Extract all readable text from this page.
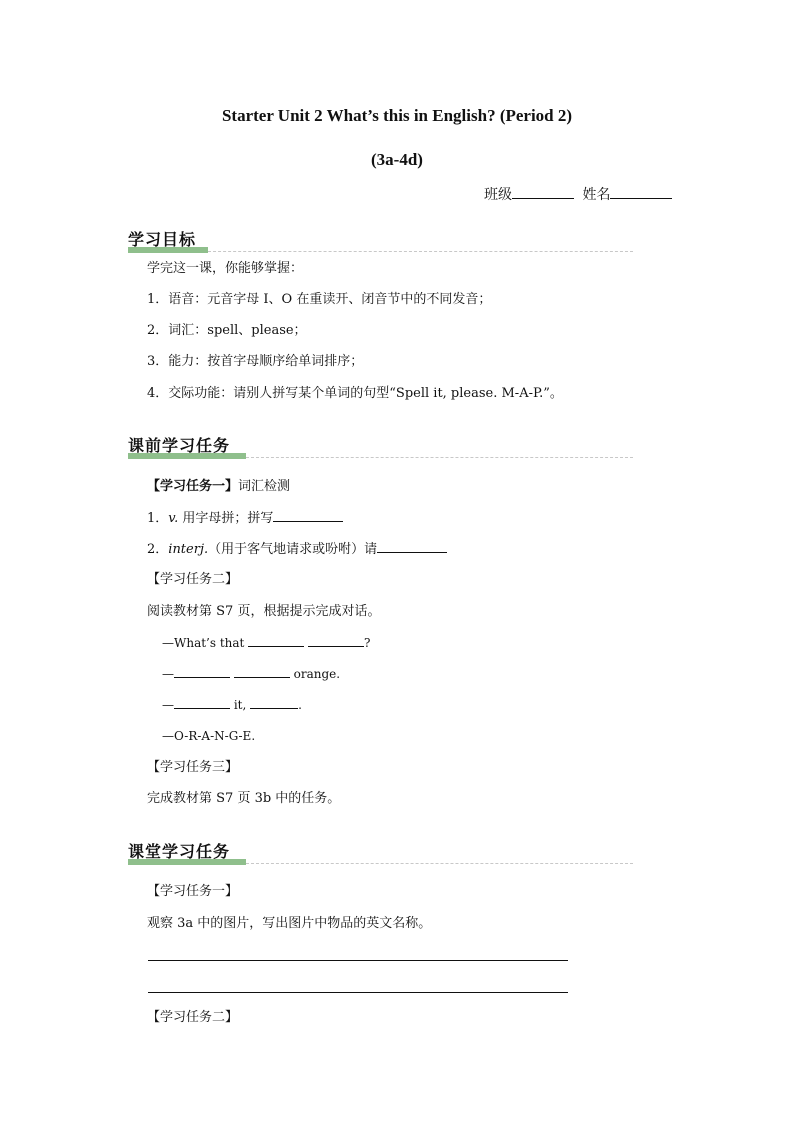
Starter Unit 2 What’s this in English? (Period 2)
(3a-4d)
班级	姓名
学习目标
学完这一课，你能够掌握：
1．语音：元音字母 I、O 在重读开、闭音节中的不同发音；
2．词汇：spell、please；
3．能力：按首字母顺序给单词排序；
4．交际功能：请别人拼写某个单词的句型“Spell it, please. M-A-P.”。
课前学习任务
【学习任务一】词汇检测
1．v. 用字母拼；拼写
2．interj.（用于客气地请求或吩咐）请
【学习任务二】
阅读教材第 S7 页，根据提示完成对话。
—What’s that	?
—	orange.
—	it,	.
—O-R-A-N-G-E.
【学习任务三】
完成教材第 S7 页 3b 中的任务。
课堂学习任务
【学习任务一】
观察 3a 中的图片，写出图片中物品的英文名称。
【学习任务二】
